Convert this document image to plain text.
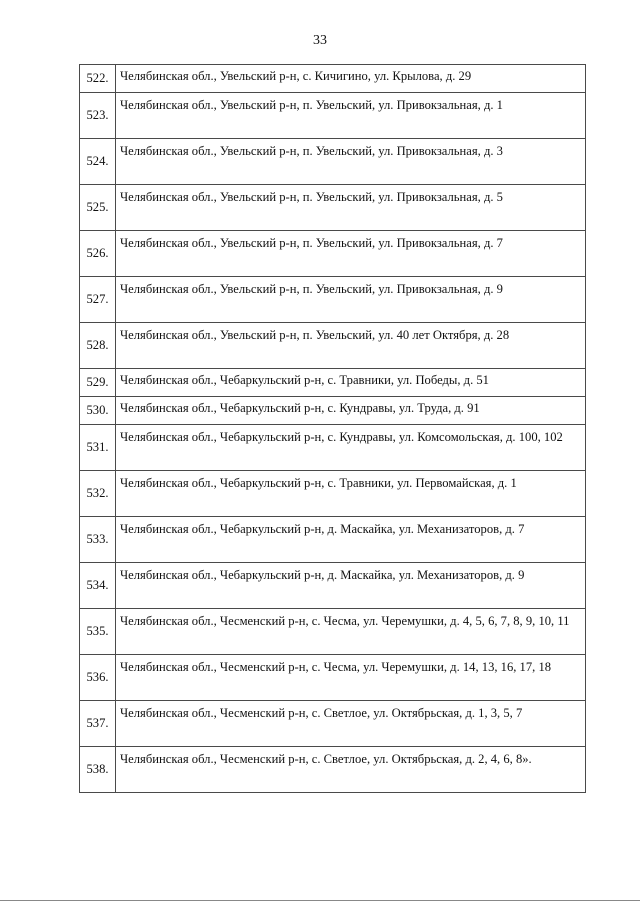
33
522.	Челябинская обл., Увельский р-н, с. Кичигино, ул. Крылова, д. 29
523.	Челябинская обл., Увельский р-н, п. Увельский, ул. Привокзальная, д. 1
524.	Челябинская обл., Увельский р-н, п. Увельский, ул. Привокзальная, д. 3
525.	Челябинская обл., Увельский р-н, п. Увельский, ул. Привокзальная, д. 5
526.	Челябинская обл., Увельский р-н, п. Увельский, ул. Привокзальная, д. 7
527.	Челябинская обл., Увельский р-н, п. Увельский, ул. Привокзальная, д. 9
528.	Челябинская обл., Увельский р-н, п. Увельский, ул. 40 лет Октября, д. 28
529.	Челябинская обл., Чебаркульский р-н, с. Травники, ул. Победы, д. 51
530.	Челябинская обл., Чебаркульский р-н, с. Кундравы, ул. Труда, д. 91
531.	Челябинская обл., Чебаркульский р-н, с. Кундравы, ул. Комсомольская, д. 100, 102
532.	Челябинская обл., Чебаркульский р-н, с. Травники, ул. Первомайская, д. 1
533.	Челябинская обл., Чебаркульский р-н, д. Маскайка, ул. Механизаторов, д. 7
534.	Челябинская обл., Чебаркульский р-н, д. Маскайка, ул. Механизаторов, д. 9
535.	Челябинская обл., Чесменский р-н, с. Чесма, ул. Черемушки, д. 4, 5, 6, 7, 8, 9, 10, 11
536.	Челябинская обл., Чесменский р-н, с. Чесма, ул. Черемушки, д. 14, 13, 16, 17, 18
537.	Челябинская обл., Чесменский р-н, с. Светлое, ул. Октябрьская, д. 1, 3, 5, 7
538.	Челябинская обл., Чесменский р-н, с. Светлое, ул. Октябрьская, д. 2, 4, 6, 8».
